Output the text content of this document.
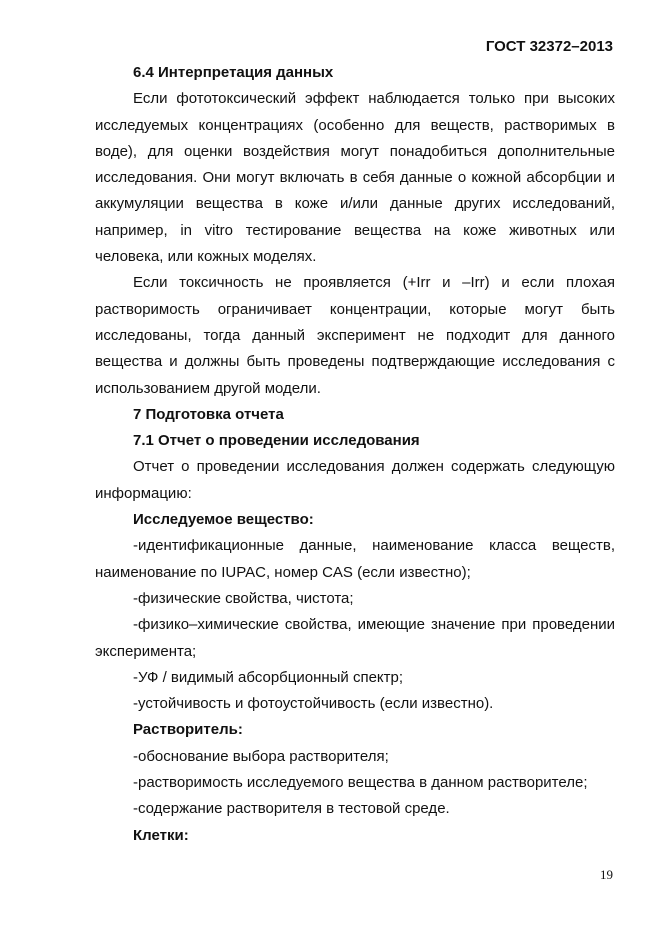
ГОСТ 32372–2013

6.4 Интерпретация данных

Если фототоксический эффект наблюдается только при высоких исследуемых концентрациях (особенно для веществ, растворимых в воде), для оценки воздействия могут понадобиться дополнительные исследования. Они могут включать в себя данные о кожной абсорбции и аккумуляции вещества в коже и/или данные других исследований, например, in vitro тестирование вещества на коже животных или человека, или кожных моделях.

Если токсичность не проявляется (+Irr и –Irr) и если плохая растворимость ограничивает концентрации, которые могут быть исследованы, тогда данный эксперимент не подходит для данного вещества и должны быть проведены подтверждающие исследования с использованием другой модели.

7 Подготовка отчета

7.1 Отчет о проведении исследования

Отчет о проведении исследования должен содержать следующую информацию:

Исследуемое вещество:

-идентификационные данные, наименование класса веществ, наименование по IUPAC, номер CAS (если известно);

-физические свойства, чистота;

-физико–химические свойства, имеющие значение при проведении эксперимента;

-УФ / видимый абсорбционный спектр;

-устойчивость и фотоустойчивость (если известно).

Растворитель:

-обоснование выбора растворителя;

-растворимость исследуемого вещества в данном растворителе;

-содержание растворителя в тестовой среде.

Клетки:

19
